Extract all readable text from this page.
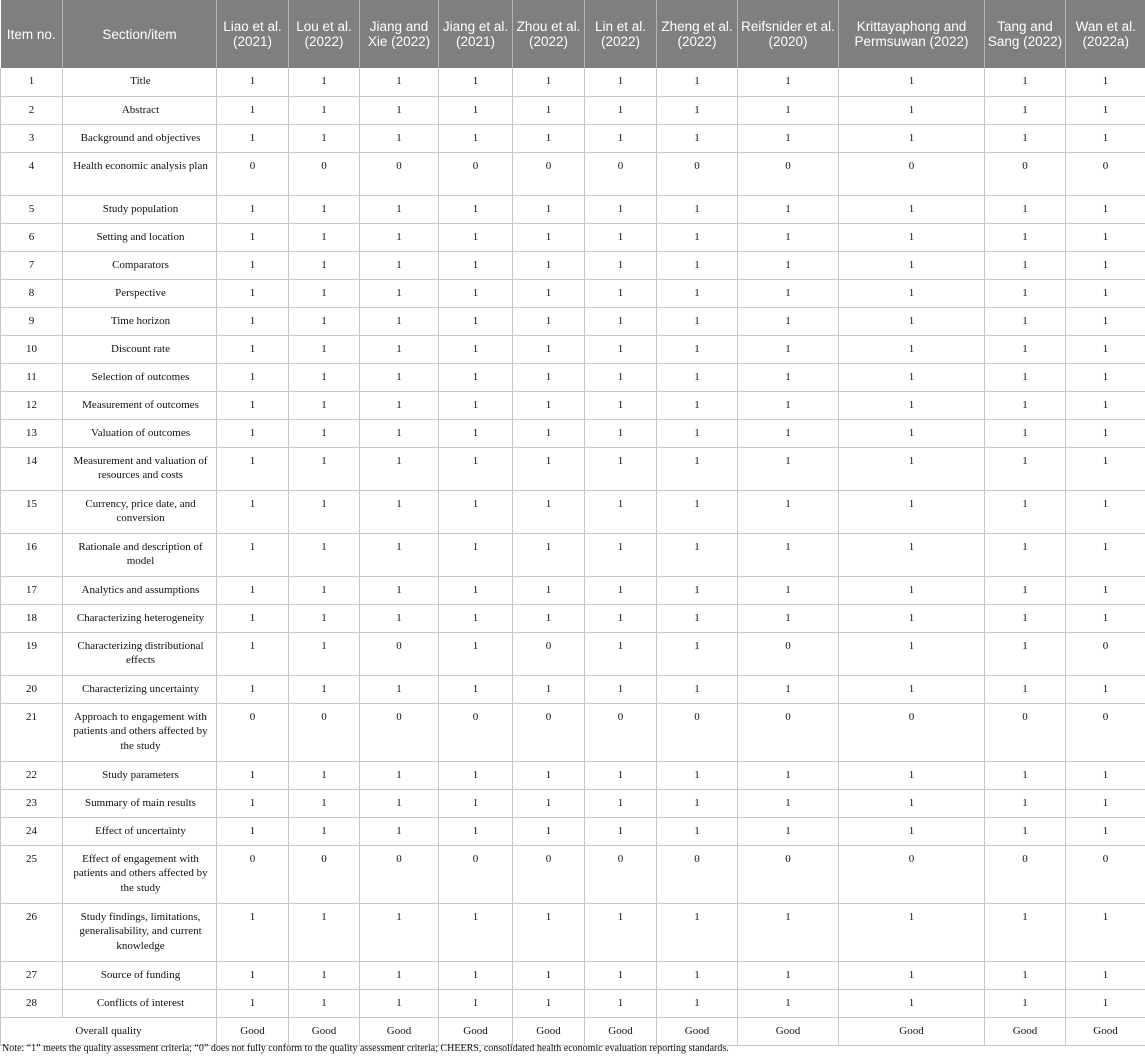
Item no.	Section/item	Liao et al. (2021)	Lou et al. (2022)	Jiang and Xie (2022)	Jiang et al. (2021)	Zhou et al. (2022)	Lin et al. (2022)	Zheng et al. (2022)	Reifsnider et al. (2020)	Krittayaphong and Permsuwan (2022)	Tang and Sang (2022)	Wan et al. (2022a)
1	Title	1	1	1	1	1	1	1	1	1	1	1
2	Abstract	1	1	1	1	1	1	1	1	1	1	1
3	Background and objectives	1	1	1	1	1	1	1	1	1	1	1
4	Health economic analysis plan	0	0	0	0	0	0	0	0	0	0	0
5	Study population	1	1	1	1	1	1	1	1	1	1	1
6	Setting and location	1	1	1	1	1	1	1	1	1	1	1
7	Comparators	1	1	1	1	1	1	1	1	1	1	1
8	Perspective	1	1	1	1	1	1	1	1	1	1	1
9	Time horizon	1	1	1	1	1	1	1	1	1	1	1
10	Discount rate	1	1	1	1	1	1	1	1	1	1	1
11	Selection of outcomes	1	1	1	1	1	1	1	1	1	1	1
12	Measurement of outcomes	1	1	1	1	1	1	1	1	1	1	1
13	Valuation of outcomes	1	1	1	1	1	1	1	1	1	1	1
14	Measurement and valuation of resources and costs	1	1	1	1	1	1	1	1	1	1	1
15	Currency, price date, and conversion	1	1	1	1	1	1	1	1	1	1	1
16	Rationale and description of model	1	1	1	1	1	1	1	1	1	1	1
17	Analytics and assumptions	1	1	1	1	1	1	1	1	1	1	1
18	Characterizing heterogeneity	1	1	1	1	1	1	1	1	1	1	1
19	Characterizing distributional effects	1	1	0	1	0	1	1	0	1	1	0
20	Characterizing uncertainty	1	1	1	1	1	1	1	1	1	1	1
21	Approach to engagement with patients and others affected by the study	0	0	0	0	0	0	0	0	0	0	0
22	Study parameters	1	1	1	1	1	1	1	1	1	1	1
23	Summary of main results	1	1	1	1	1	1	1	1	1	1	1
24	Effect of uncertainty	1	1	1	1	1	1	1	1	1	1	1
25	Effect of engagement with patients and others affected by the study	0	0	0	0	0	0	0	0	0	0	0
26	Study findings, limitations, generalisability, and current knowledge	1	1	1	1	1	1	1	1	1	1	1
27	Source of funding	1	1	1	1	1	1	1	1	1	1	1
28	Conflicts of interest	1	1	1	1	1	1	1	1	1	1	1
Overall quality		Good	Good	Good	Good	Good	Good	Good	Good	Good	Good	Good
Note: “1” meets the quality assessment criteria; “0” does not fully conform to the quality assessment criteria; CHEERS, consolidated health economic evaluation reporting standards.
